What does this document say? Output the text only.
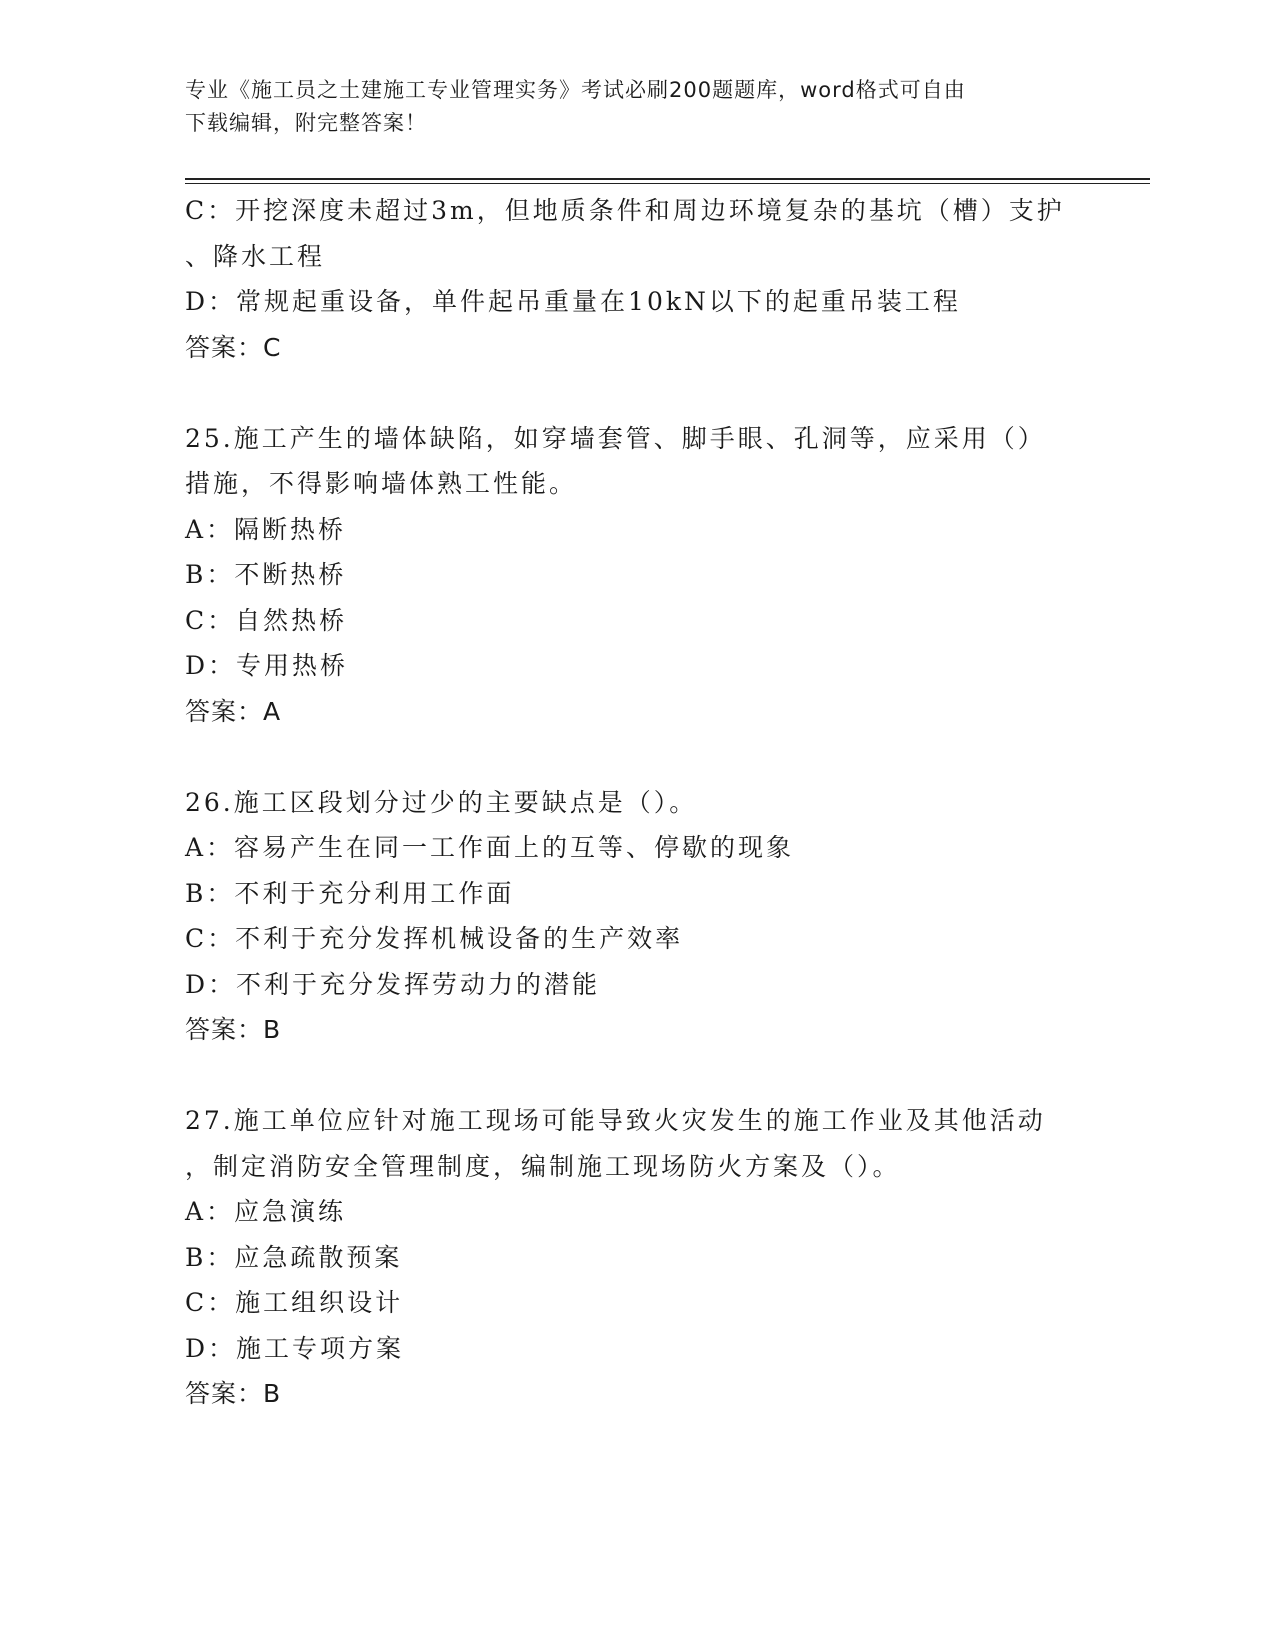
专业《施工员之土建施工专业管理实务》考试必刷200题题库，word格式可自由
下载编辑，附完整答案！
C：开挖深度未超过3m，但地质条件和周边环境复杂的基坑（槽）支护
、降水工程
D：常规起重设备，单件起吊重量在10kN以下的起重吊装工程
答案：C
25.施工产生的墙体缺陷，如穿墙套管、脚手眼、孔洞等，应采用（）
措施，不得影响墙体熟工性能。
A：隔断热桥
B：不断热桥
C：自然热桥
D：专用热桥
答案：A
26.施工区段划分过少的主要缺点是（）。
A：容易产生在同一工作面上的互等、停歇的现象
B：不利于充分利用工作面
C：不利于充分发挥机械设备的生产效率
D：不利于充分发挥劳动力的潜能
答案：B
27.施工单位应针对施工现场可能导致火灾发生的施工作业及其他活动
，制定消防安全管理制度，编制施工现场防火方案及（）。
A：应急演练
B：应急疏散预案
C：施工组织设计
D：施工专项方案
答案：B
